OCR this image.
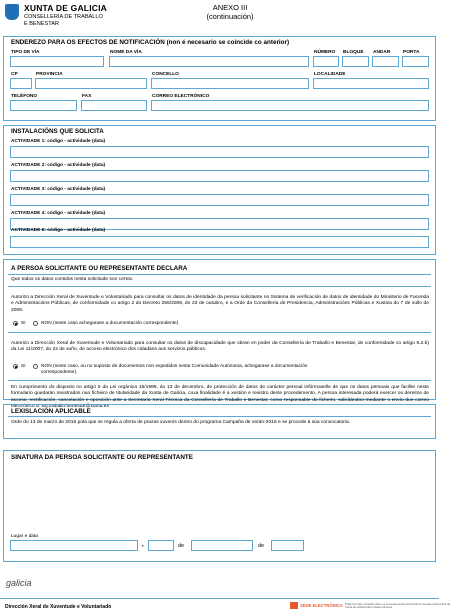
XUNTA DE GALICIA
CONSELLERÍA DE TRABALLO
E BENESTAR
ANEXO III
(continuación)
ENDEREZO PARA OS EFECTOS DE NOTIFICACIÓN (non é necesario se coincide co anterior)
TIPO DE VÍA	NOME DA VÍA	NÚMERO BLOQUE ANDAR	PORTA
CP	PROVINCIA	CONCELLO	LOCALIDADE
TELÉFONO	FAX	CORREO ELECTRÓNICO
INSTALACIÓNS QUE SOLICITA
ACTIVIDADE 1: código - actividade (data)
ACTIVIDADE 2: código - actividade (data)
ACTIVIDADE 3: código - actividade (data)
ACTIVIDADE 4: código - actividade (data)
ACTIVIDADE 5: código - actividade (data)
A PERSOA SOLICITANTE OU REPRESENTANTE DECLARA
Que todos os datos contidos nesta solicitude son certos.
Autorizo a Dirección Xeral de Xuventude e Voluntariado para consultar os datos de identidade da persoa solicitante no Sistema de verificación de datos de identidade do Ministerio de Facenda e Administracións Públicas, de conformidade co artigo 2 do Decreto 255/2008, do 23 de outubro, e a Orde da Consellería de Presidencia, Administracións Públicas e Xustiza do 7 de xullo de 2009.
SI	NON (neste caso achegarase a documentación correspondente)
Autorizo a Dirección Xeral de Xuventude e Voluntariado para consultar os datos de discapacidade que obran en poder da Consellería de Traballo e Benestar, de conformidade co artigo 6.2.b) da Lei 11/2007, do 22 de xuño, de acceso electrónico dos cidadáns aos servizos públicos.
SI	NON (neste caso, ou no suposto de documentos non expedidos nesta Comunidade Autónoma, achegarase a documentación
correspondente).
En cumprimento do disposto no artigo 5 da Lei orgánica 15/1999, do 13 de decembro, de protección de datos de carácter persoal infórmaselle de que os datos persoais que facilite neste formulario quedarán rexistrados nun ficheiro de titularidade da Xunta de Galicia, cuxa finalidade é a xestión e rexistro deste procedemento. A persoa interesada poderá exercer os dereitos de acceso, rectificación, cancelación e oposición ante a Secretaría Xeral Técnica da Consellería de Traballo e Benestar, como responsable do ficheiro, solicitándoo mediante o envío dun correo electrónico a: sxt.traballo.benestar@xunta.es
LEXISLACIÓN APLICABLE
Orde do 13 de marzo de 2015 pola que se regula a oferta de prazas xuvenís dentro do programa Campaña de verán-2015 e se procede á súa convocatoria.
SINATURA DA PERSOA SOLICITANTE OU REPRESENTANTE
Lugar e data
,	de	de
galicia
Dirección Xeral de Xuventude e Voluntariado	SEDE ELECTRÓNICA Pode formular consulta sobre os procedementos electrónicos na sede electrónica da Xunta de Galicia https://sede.xunta.es
